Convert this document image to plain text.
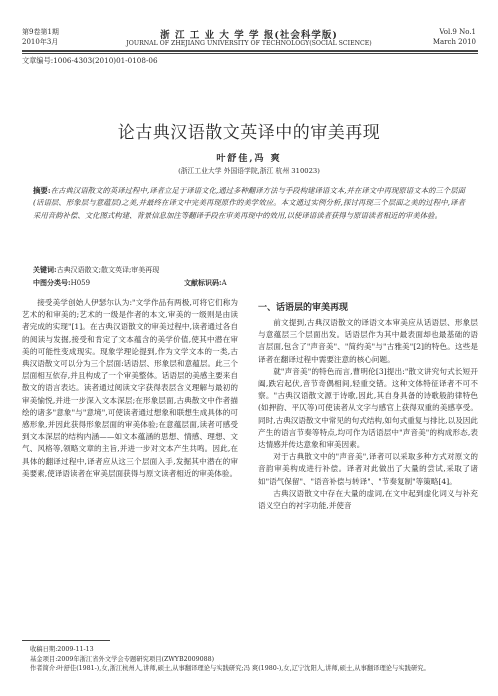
第9卷第1期
2010年3月
浙 江 工 业 大 学 学 报(社会科学版)
JOURNAL OF ZHEJIANG UNIVERSITY OF TECHNOLOGY(SOCIAL SCIENCE)
Vol.9 No.1
March 2010
文章编号:1006-4303(2010)01-0108-06
论古典汉语散文英译中的审美再现
叶舒佳,冯 爽
(浙江工业大学 外国语学院,浙江 杭州 310023)
摘要:在古典汉语散文的英译过程中,译者立足于译语文化,通过多种翻译方法与手段构建译语文本,并在译文中再现原语文本的三个层面(话语层、形象层与意蕴层)之美,并最终在译文中完美再现原作的美学效应。本文通过实例分析,探讨再现三个层面之美的过程中,译者采用音韵补偿、文化图式构建、背景信息加注等翻译手段在审美再现中的效用,以使译语读者获得与原语读者相近的审美体验。
关键词:古典汉语散文;散文英译;审美再现
中图分类号:H059	文献标识码:A

接受美学创始人伊瑟尔认为:"文学作品有两极,可将它们称为艺术的和审美的;艺术的一级是作者的本文,审美的一级则是由读者完成的实现"[1]。在古典汉语散文的审美过程中,读者通过各自的阅读与发掘,接受和肯定了文本蕴含的美学价值,使其中潜在审美的可能性变成现实。现象学理论提到,作为文学文本的一类,古典汉语散文可以分为三个层面:话语层、形象层和意蕴层。此三个层面相互依存,并且构成了一个审美整体。话语层的美感主要来自散文的语言表达。读者通过阅读文字获得表层含义理解与最初的审美愉悦,并进一步深入文本深层;在形象层面,古典散文中作者描绘的诸多"意象"与"意境",可使读者通过想象和联想生成具体的可感形象,并因此获得形象层面的审美体验;在意蕴层面,读者可感受到文本深层的结构内涵——如文本蕴涵的思想、情感、理想、文气、风格等,领略文章的主旨,并进一步对文本产生共鸣。因此,在具体的翻译过程中,译者应从这三个层面入手,发掘其中潜在的审美要素,使译语读者在审美层面获得与原文读者相近的审美体验。

一、话语层的审美再现

前文提到,古典汉语散文的译语文本审美应从话语层、形象层与意蕴层三个层面出发。话语层作为其中最表面却也最基础的语言层面,包含了"声音美"、"简约美"与"古雅美"[2]的特色。这些是译者在翻译过程中需要注意的核心问题。

就"声音美"的特色而言,曹明伦[3]提出:"散文讲究句式长短开阖,跌宕起伏,音节奇偶相间,轻重交错。这种文体特征译者不可不察。"古典汉语散文源于诗歌,因此,其自身具备的诗歌般韵律特色(如押韵、平仄等)可使读者从文字与感官上获得双重的美感享受。同时,古典汉语散文中常见的句式结构,如句式重复与排比,以及因此产生的语言节奏等特点,均可作为话语层中"声音美"的构成形态,表达情感并传达意象和审美因素。

对于古典散文中的"声音美",译者可以采取多种方式对原文的音韵审美构成进行补偿。译者对此做出了大量的尝试,采取了诸如"语气保留"、"语音补偿与转译"、"节奏复制"等策略[4]。

古典汉语散文中存在大量的虚词,在文中起到虚化词义与补充语义空白的衬字功能,并使音

收稿日期:2009-11-13
基金项目:2009年浙江省外文学会专题研究项目(ZWYB2009088)
作者简介:叶舒佳(1981-),女,浙江杭州人,讲师,硕士,从事翻译理论与实践研究;冯 爽(1980-),女,辽宁沈阳人,讲师,硕士,从事翻译理论与实践研究。
